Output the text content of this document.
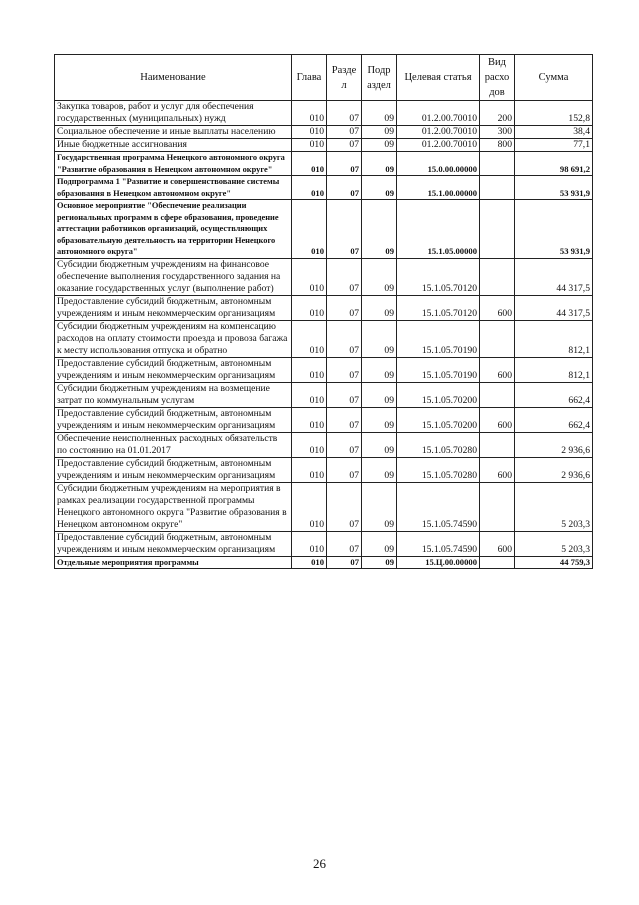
Наименование	Глава	Разде л	Подр аздел	Целевая статья	Вид расхо дов	Сумма
Закупка товаров, работ и услуг для обеспечения государственных (муниципальных) нужд	010	07	09	01.2.00.70010	200	152,8
Социальное обеспечение и иные выплаты населению	010	07	09	01.2.00.70010	300	38,4
Иные бюджетные ассигнования	010	07	09	01.2.00.70010	800	77,1
Государственная программа Ненецкого автономного округа "Развитие образования в Ненецком автономном округе"	010	07	09	15.0.00.00000		98 691,2
Подпрограмма 1 "Развитие и совершенствование системы образования в Ненецком автономном округе"	010	07	09	15.1.00.00000		53 931,9
Основное мероприятие "Обеспечение реализации региональных программ в сфере образования, проведение аттестации работников организаций, осуществляющих образовательную деятельность на территории Ненецкого автономного округа"	010	07	09	15.1.05.00000		53 931,9
Субсидии бюджетным учреждениям на финансовое обеспечение выполнения государственного задания на оказание государственных услуг (выполнение работ)	010	07	09	15.1.05.70120		44 317,5
Предоставление субсидий бюджетным, автономным учреждениям и иным некоммерческим организациям	010	07	09	15.1.05.70120	600	44 317,5
Субсидии бюджетным учреждениям на компенсацию расходов на оплату стоимости проезда и провоза багажа к месту использования отпуска и обратно	010	07	09	15.1.05.70190		812,1
Предоставление субсидий бюджетным, автономным учреждениям и иным некоммерческим организациям	010	07	09	15.1.05.70190	600	812,1
Субсидии бюджетным учреждениям на возмещение затрат по коммунальным услугам	010	07	09	15.1.05.70200		662,4
Предоставление субсидий бюджетным, автономным учреждениям и иным некоммерческим организациям	010	07	09	15.1.05.70200	600	662,4
Обеспечение неисполненных расходных обязательств по состоянию на 01.01.2017	010	07	09	15.1.05.70280		2 936,6
Предоставление субсидий бюджетным, автономным учреждениям и иным некоммерческим организациям	010	07	09	15.1.05.70280	600	2 936,6
Субсидии бюджетным учреждениям на мероприятия в рамках реализации государственной программы Ненецкого автономного округа "Развитие образования в Ненецком автономном округе"	010	07	09	15.1.05.74590		5 203,3
Предоставление субсидий бюджетным, автономным учреждениям и иным некоммерческим организациям	010	07	09	15.1.05.74590	600	5 203,3
Отдельные мероприятия программы	010	07	09	15.Ц.00.00000		44 759,3
26
